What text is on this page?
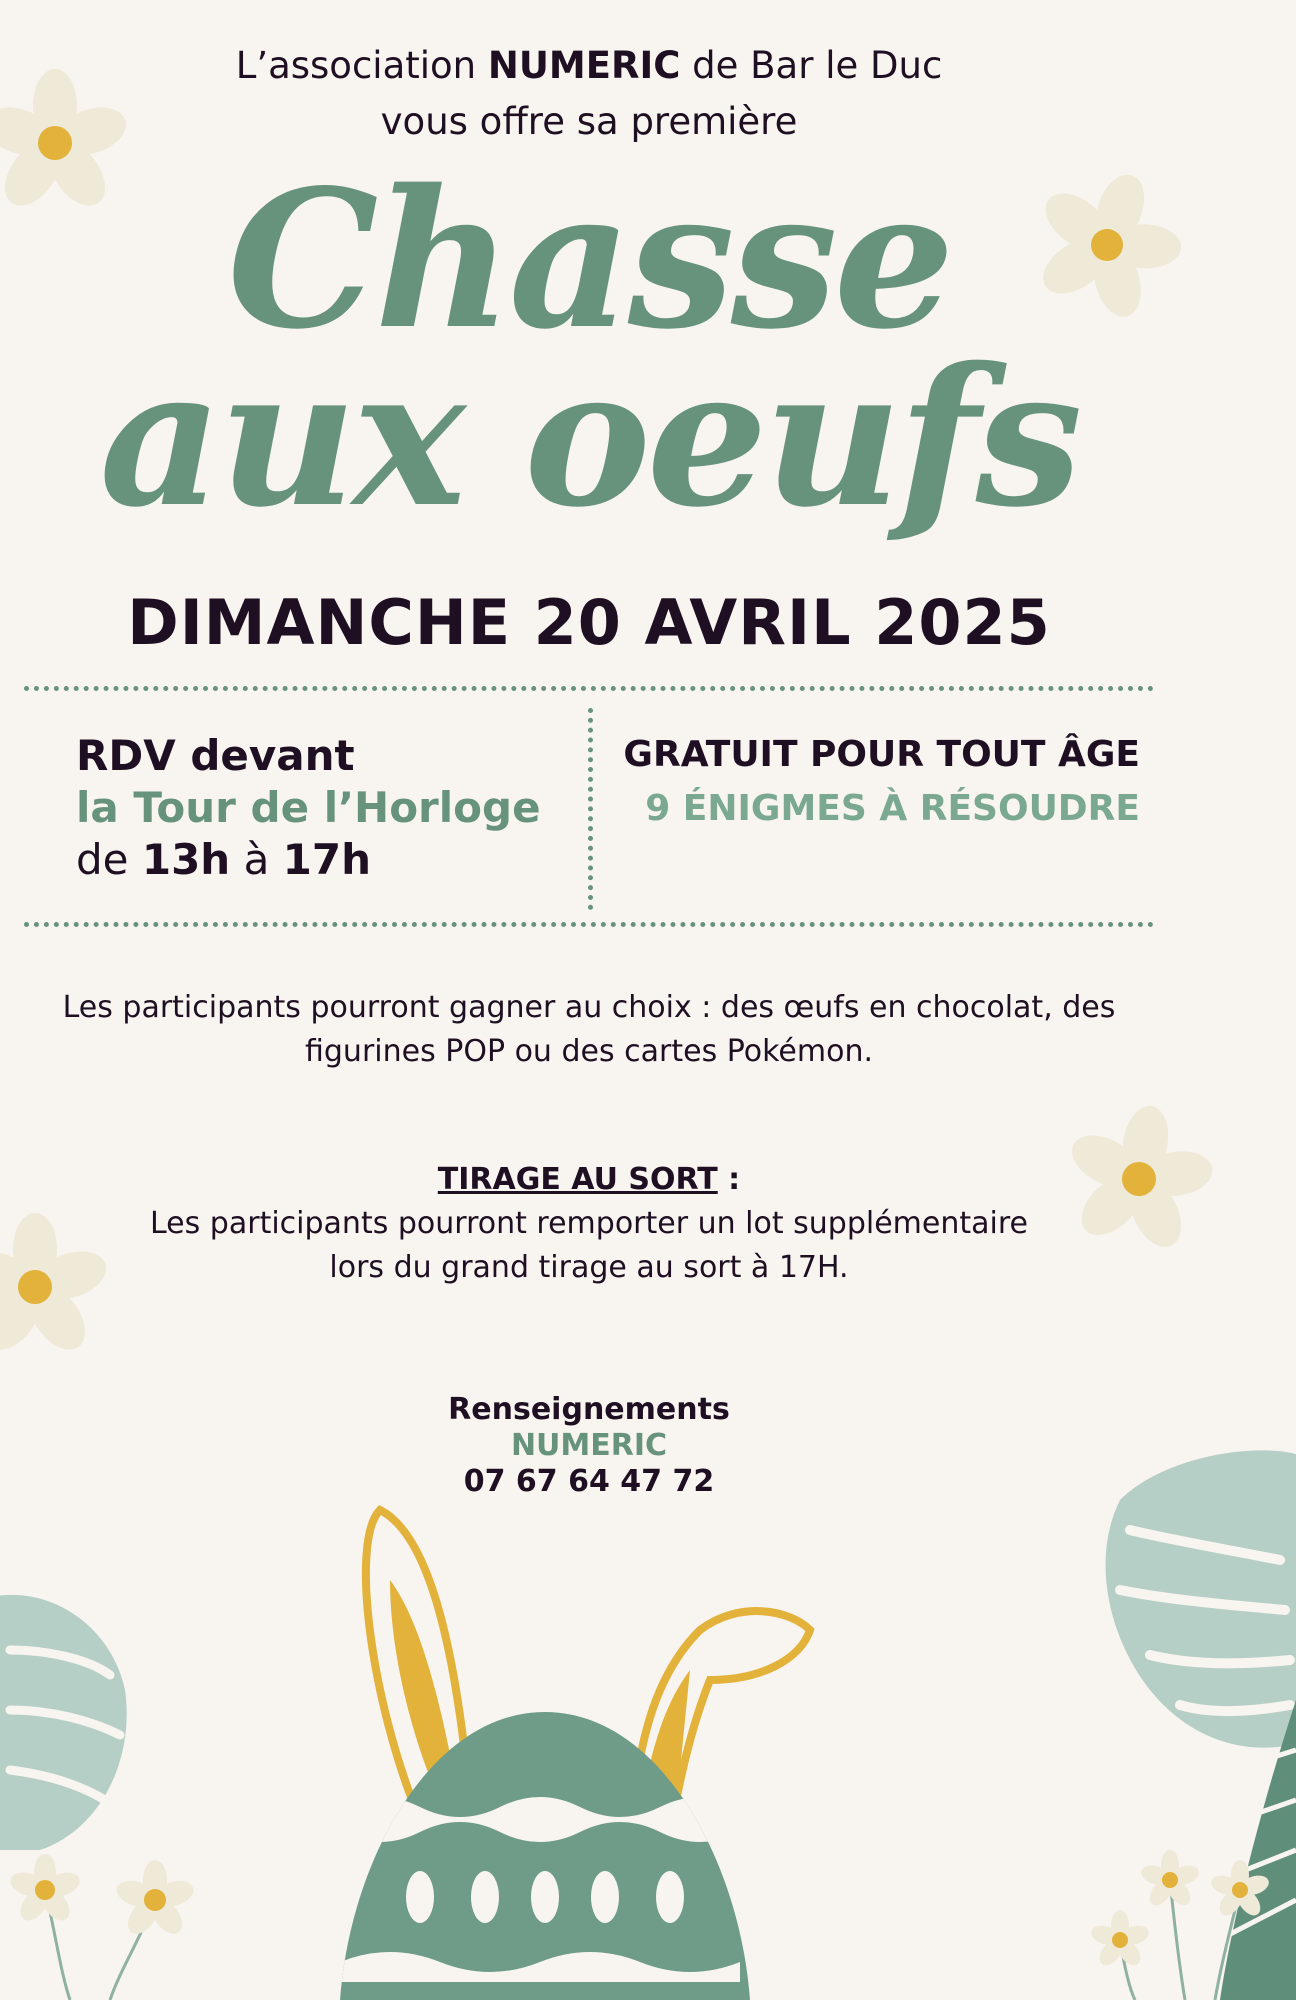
L’association NUMERIC de Bar le Duc
vous offre sa première
Chasse
aux oeufs
DIMANCHE 20 AVRIL 2025
RDV devant
la Tour de l’Horloge
de 13h à 17h
GRATUIT POUR TOUT ÂGE
9 ÉNIGMES À RÉSOUDRE
Les participants pourront gagner au choix : des œufs en chocolat, des
figurines POP ou des cartes Pokémon.
TIRAGE AU SORT :
Les participants pourront remporter un lot supplémentaire
lors du grand tirage au sort à 17H.
Renseignements
NUMERIC
07 67 64 47 72
